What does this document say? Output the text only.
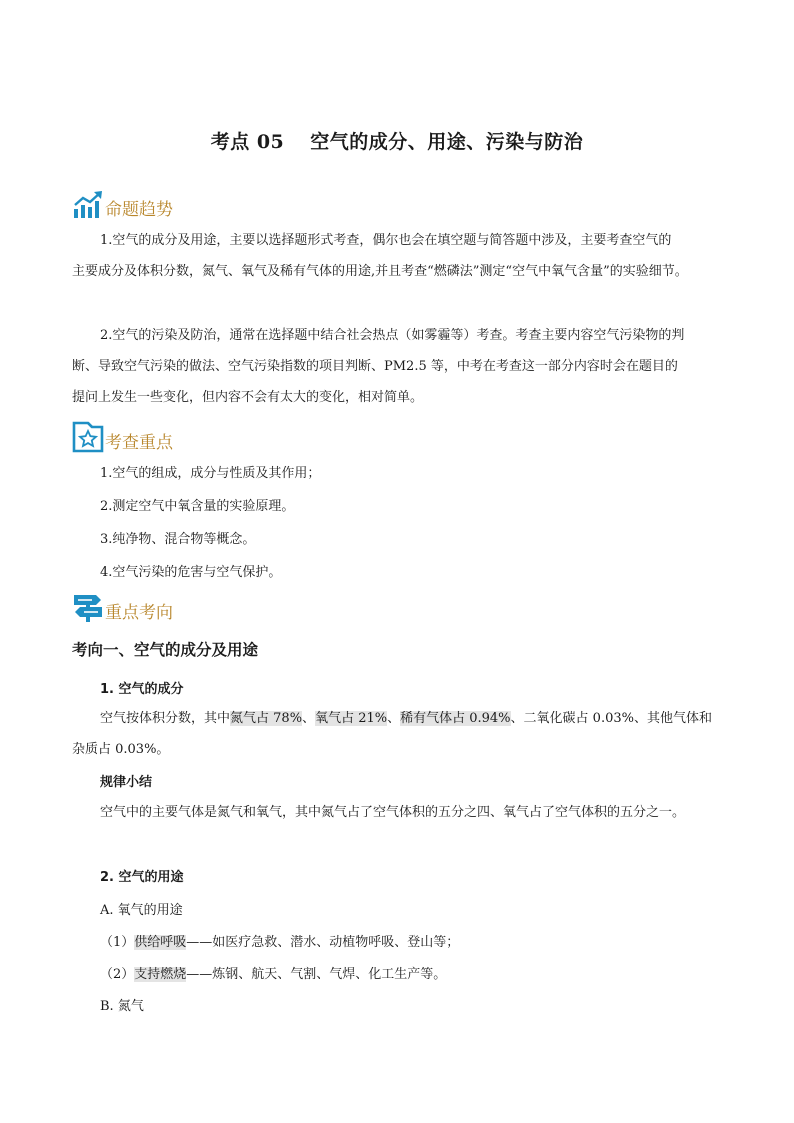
考点 05 空气的成分、用途、污染与防治
命题趋势
1.空气的成分及用途，主要以选择题形式考查，偶尔也会在填空题与简答题中涉及，主要考查空气的
主要成分及体积分数，氮气、氧气及稀有气体的用途,并且考查“燃磷法”测定“空气中氧气含量”的实验细节。
2.空气的污染及防治，通常在选择题中结合社会热点（如雾霾等）考查。考查主要内容空气污染物的判
断、导致空气污染的做法、空气污染指数的项目判断、PM2.5 等，中考在考查这一部分内容时会在题目的
提问上发生一些变化，但内容不会有太大的变化，相对简单。
考查重点
1.空气的组成，成分与性质及其作用；
2.测定空气中氧含量的实验原理。
3.纯净物、混合物等概念。
4.空气污染的危害与空气保护。
重点考向
考向一、空气的成分及用途
1. 空气的成分
空气按体积分数，其中氮气占 78%、氧气占 21%、稀有气体占 0.94%、二氧化碳占 0.03%、其他气体和
杂质占 0.03%。
规律小结
空气中的主要气体是氮气和氧气，其中氮气占了空气体积的五分之四、氧气占了空气体积的五分之一。
2. 空气的用途
A. 氧气的用途
（1）供给呼吸——如医疗急救、潜水、动植物呼吸、登山等；
（2）支持燃烧——炼钢、航天、气割、气焊、化工生产等。
B. 氮气
